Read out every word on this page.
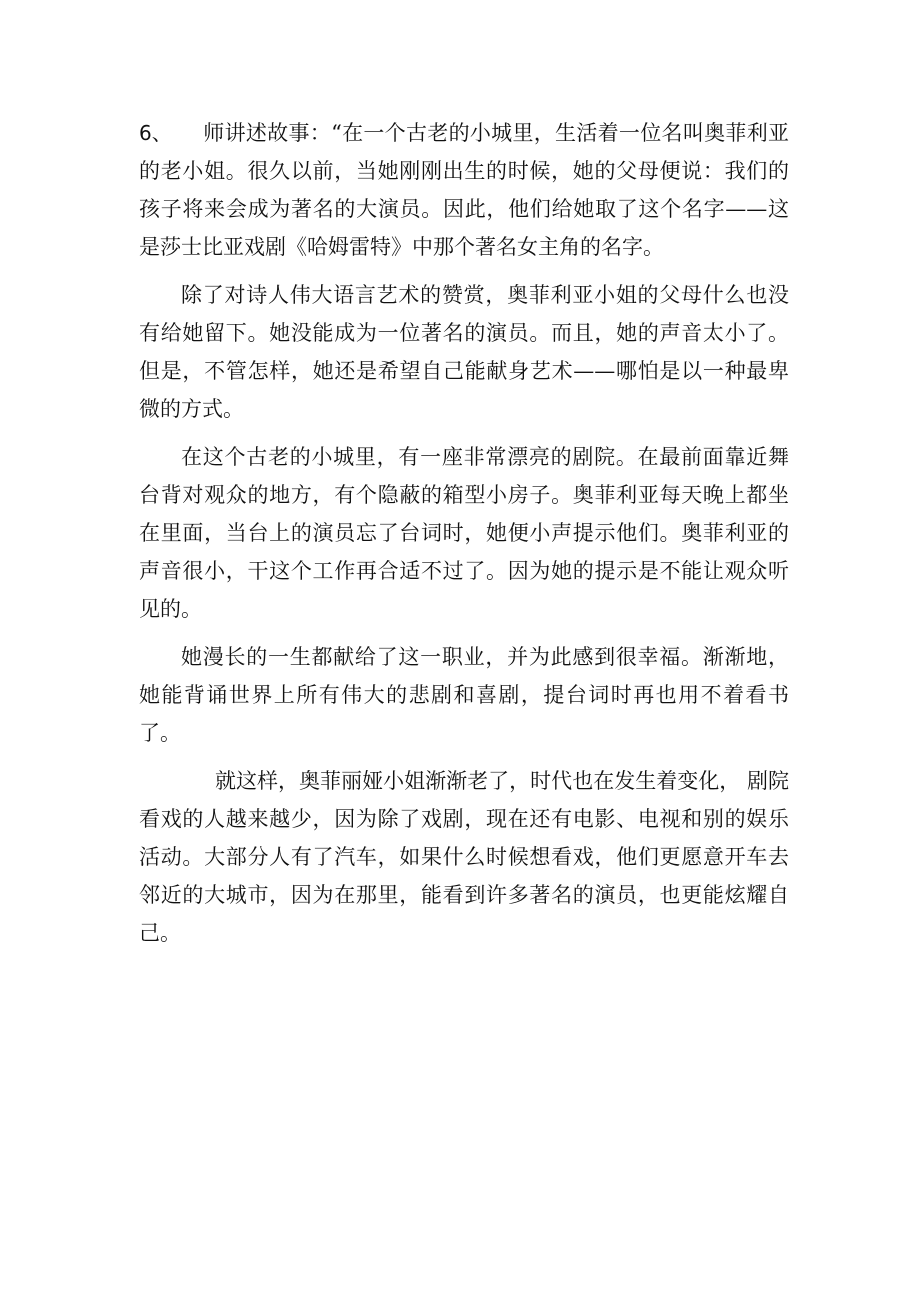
6、 师讲述故事：“在一个古老的小城里，生活着一位名叫奥菲利亚的老小姐。很久以前，当她刚刚出生的时候，她的父母便说：我们的孩子将来会成为著名的大演员。因此，他们给她取了这个名字——这是莎士比亚戏剧《哈姆雷特》中那个著名女主角的名字。

除了对诗人伟大语言艺术的赞赏，奥菲利亚小姐的父母什么也没有给她留下。她没能成为一位著名的演员。而且，她的声音太小了。但是，不管怎样，她还是希望自己能献身艺术——哪怕是以一种最卑微的方式。

在这个古老的小城里，有一座非常漂亮的剧院。在最前面靠近舞台背对观众的地方，有个隐蔽的箱型小房子。奥菲利亚每天晚上都坐在里面，当台上的演员忘了台词时，她便小声提示他们。奥菲利亚的声音很小，干这个工作再合适不过了。因为她的提示是不能让观众听见的。

她漫长的一生都献给了这一职业，并为此感到很幸福。渐渐地，她能背诵世界上所有伟大的悲剧和喜剧，提台词时再也用不着看书了。

就这样，奥菲丽娅小姐渐渐老了，时代也在发生着变化， 剧院看戏的人越来越少，因为除了戏剧，现在还有电影、电视和别的娱乐活动。大部分人有了汽车，如果什么时候想看戏，他们更愿意开车去邻近的大城市，因为在那里，能看到许多著名的演员，也更能炫耀自己。
